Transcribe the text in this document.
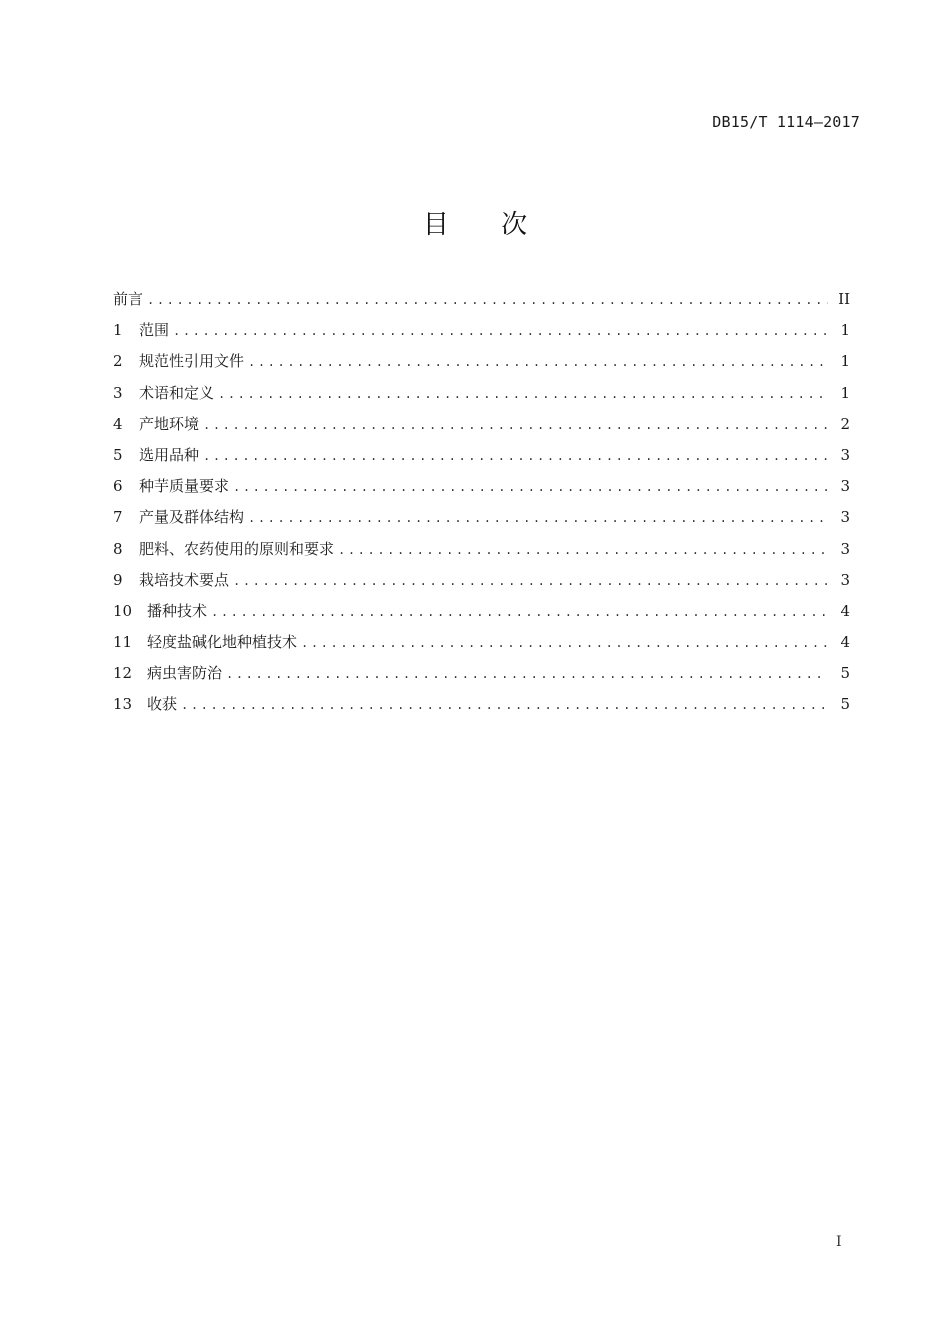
DB15/T 1114—2017
目 次
前言 .....	II
1	范围 .....	1
2	规范性引用文件 .....	1
3	术语和定义 .....	1
4	产地环境 .....	2
5	选用品种 .....	3
6	种芋质量要求 .....	3
7	产量及群体结构 .....	3
8	肥料、农药使用的原则和要求 .....	3
9	栽培技术要点 .....	3
10 播种技术 .....	4
11 轻度盐碱化地种植技术 .....	4
12 病虫害防治 .....	5
13 收获 .....	5
I
